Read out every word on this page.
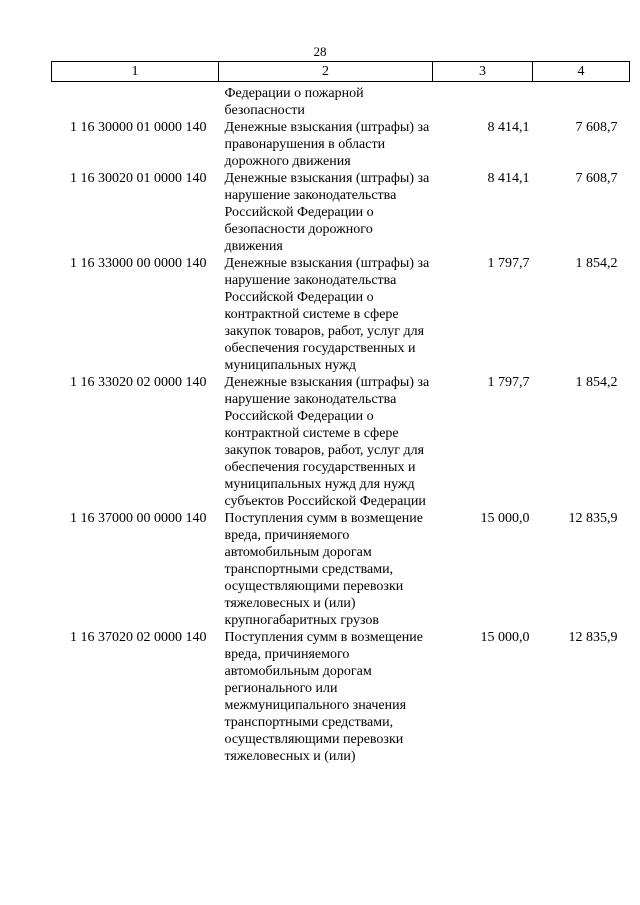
28
1	2	3	4
	Федерации о пожарной безопасности		
1 16 30000 01 0000 140	Денежные взыскания (штрафы) за правонарушения в области дорожного движения	8 414,1	7 608,7
1 16 30020 01 0000 140	Денежные взыскания (штрафы) за нарушение законодательства Российской Федерации о безопасности дорожного движения	8 414,1	7 608,7
1 16 33000 00 0000 140	Денежные взыскания (штрафы) за нарушение законодательства Российской Федерации о контрактной системе в сфере закупок товаров, работ, услуг для обеспечения государственных и муниципальных нужд	1 797,7	1 854,2
1 16 33020 02 0000 140	Денежные взыскания (штрафы) за нарушение законодательства Российской Федерации о контрактной системе в сфере закупок товаров, работ, услуг для обеспечения государственных и муниципальных нужд для нужд субъектов Российской Федерации	1 797,7	1 854,2
1 16 37000 00 0000 140	Поступления сумм в возмещение вреда, причиняемого автомобильным дорогам транспортными средствами, осуществляющими перевозки тяжеловесных и (или) крупногабаритных грузов	15 000,0	12 835,9
1 16 37020 02 0000 140	Поступления сумм в возмещение вреда, причиняемого автомобильным дорогам регионального или межмуниципального значения транспортными средствами, осуществляющими перевозки тяжеловесных и (или)	15 000,0	12 835,9
